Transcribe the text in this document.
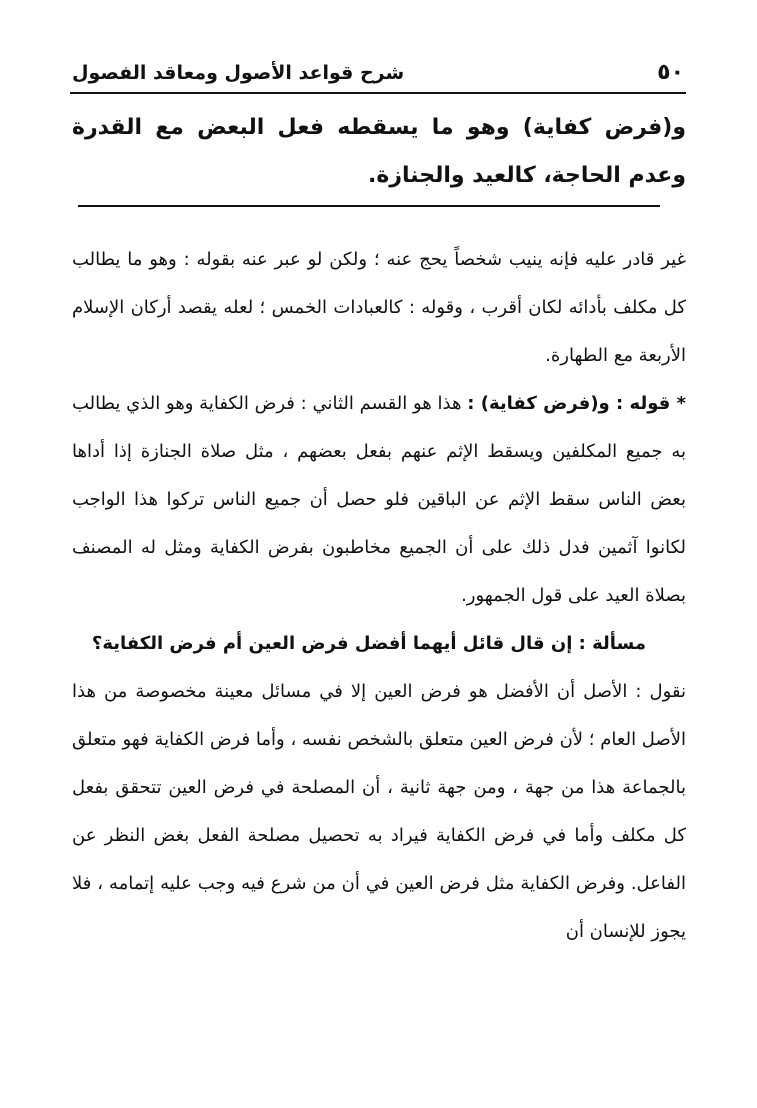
٥٠
شرح قواعد الأصول ومعاقد الفصول
و(فرض كفاية) وهو ما يسقطه فعل البعض مع القدرة وعدم الحاجة، كالعيد والجنازة.

غير قادر عليه فإنه ينيب شخصاً يحج عنه ؛ ولكن لو عبر عنه بقوله : وهو ما يطالب كل مكلف بأدائه لكان أقرب ، وقوله : كالعبادات الخمس ؛ لعله يقصد أركان الإسلام الأربعة مع الطهارة.

* قوله : و(فرض كفاية) : هذا هو القسم الثاني : فرض الكفاية وهو الذي يطالب به جميع المكلفين ويسقط الإثم عنهم بفعل بعضهم ، مثل صلاة الجنازة إذا أداها بعض الناس سقط الإثم عن الباقين فلو حصل أن جميع الناس تركوا هذا الواجب لكانوا آثمين فدل ذلك على أن الجميع مخاطبون بفرض الكفاية ومثل له المصنف بصلاة العيد على قول الجمهور.

مسألة : إن قال قائل أيهما أفضل فرض العين أم فرض الكفاية؟

نقول : الأصل أن الأفضل هو فرض العين إلا في مسائل معينة مخصوصة من هذا الأصل العام ؛ لأن فرض العين متعلق بالشخص نفسه ، وأما فرض الكفاية فهو متعلق بالجماعة هذا من جهة ، ومن جهة ثانية ، أن المصلحة في فرض العين تتحقق بفعل كل مكلف وأما في فرض الكفاية فيراد به تحصيل مصلحة الفعل بغض النظر عن الفاعل. وفرض الكفاية مثل فرض العين في أن من شرع فيه وجب عليه إتمامه ، فلا يجوز للإنسان أن
